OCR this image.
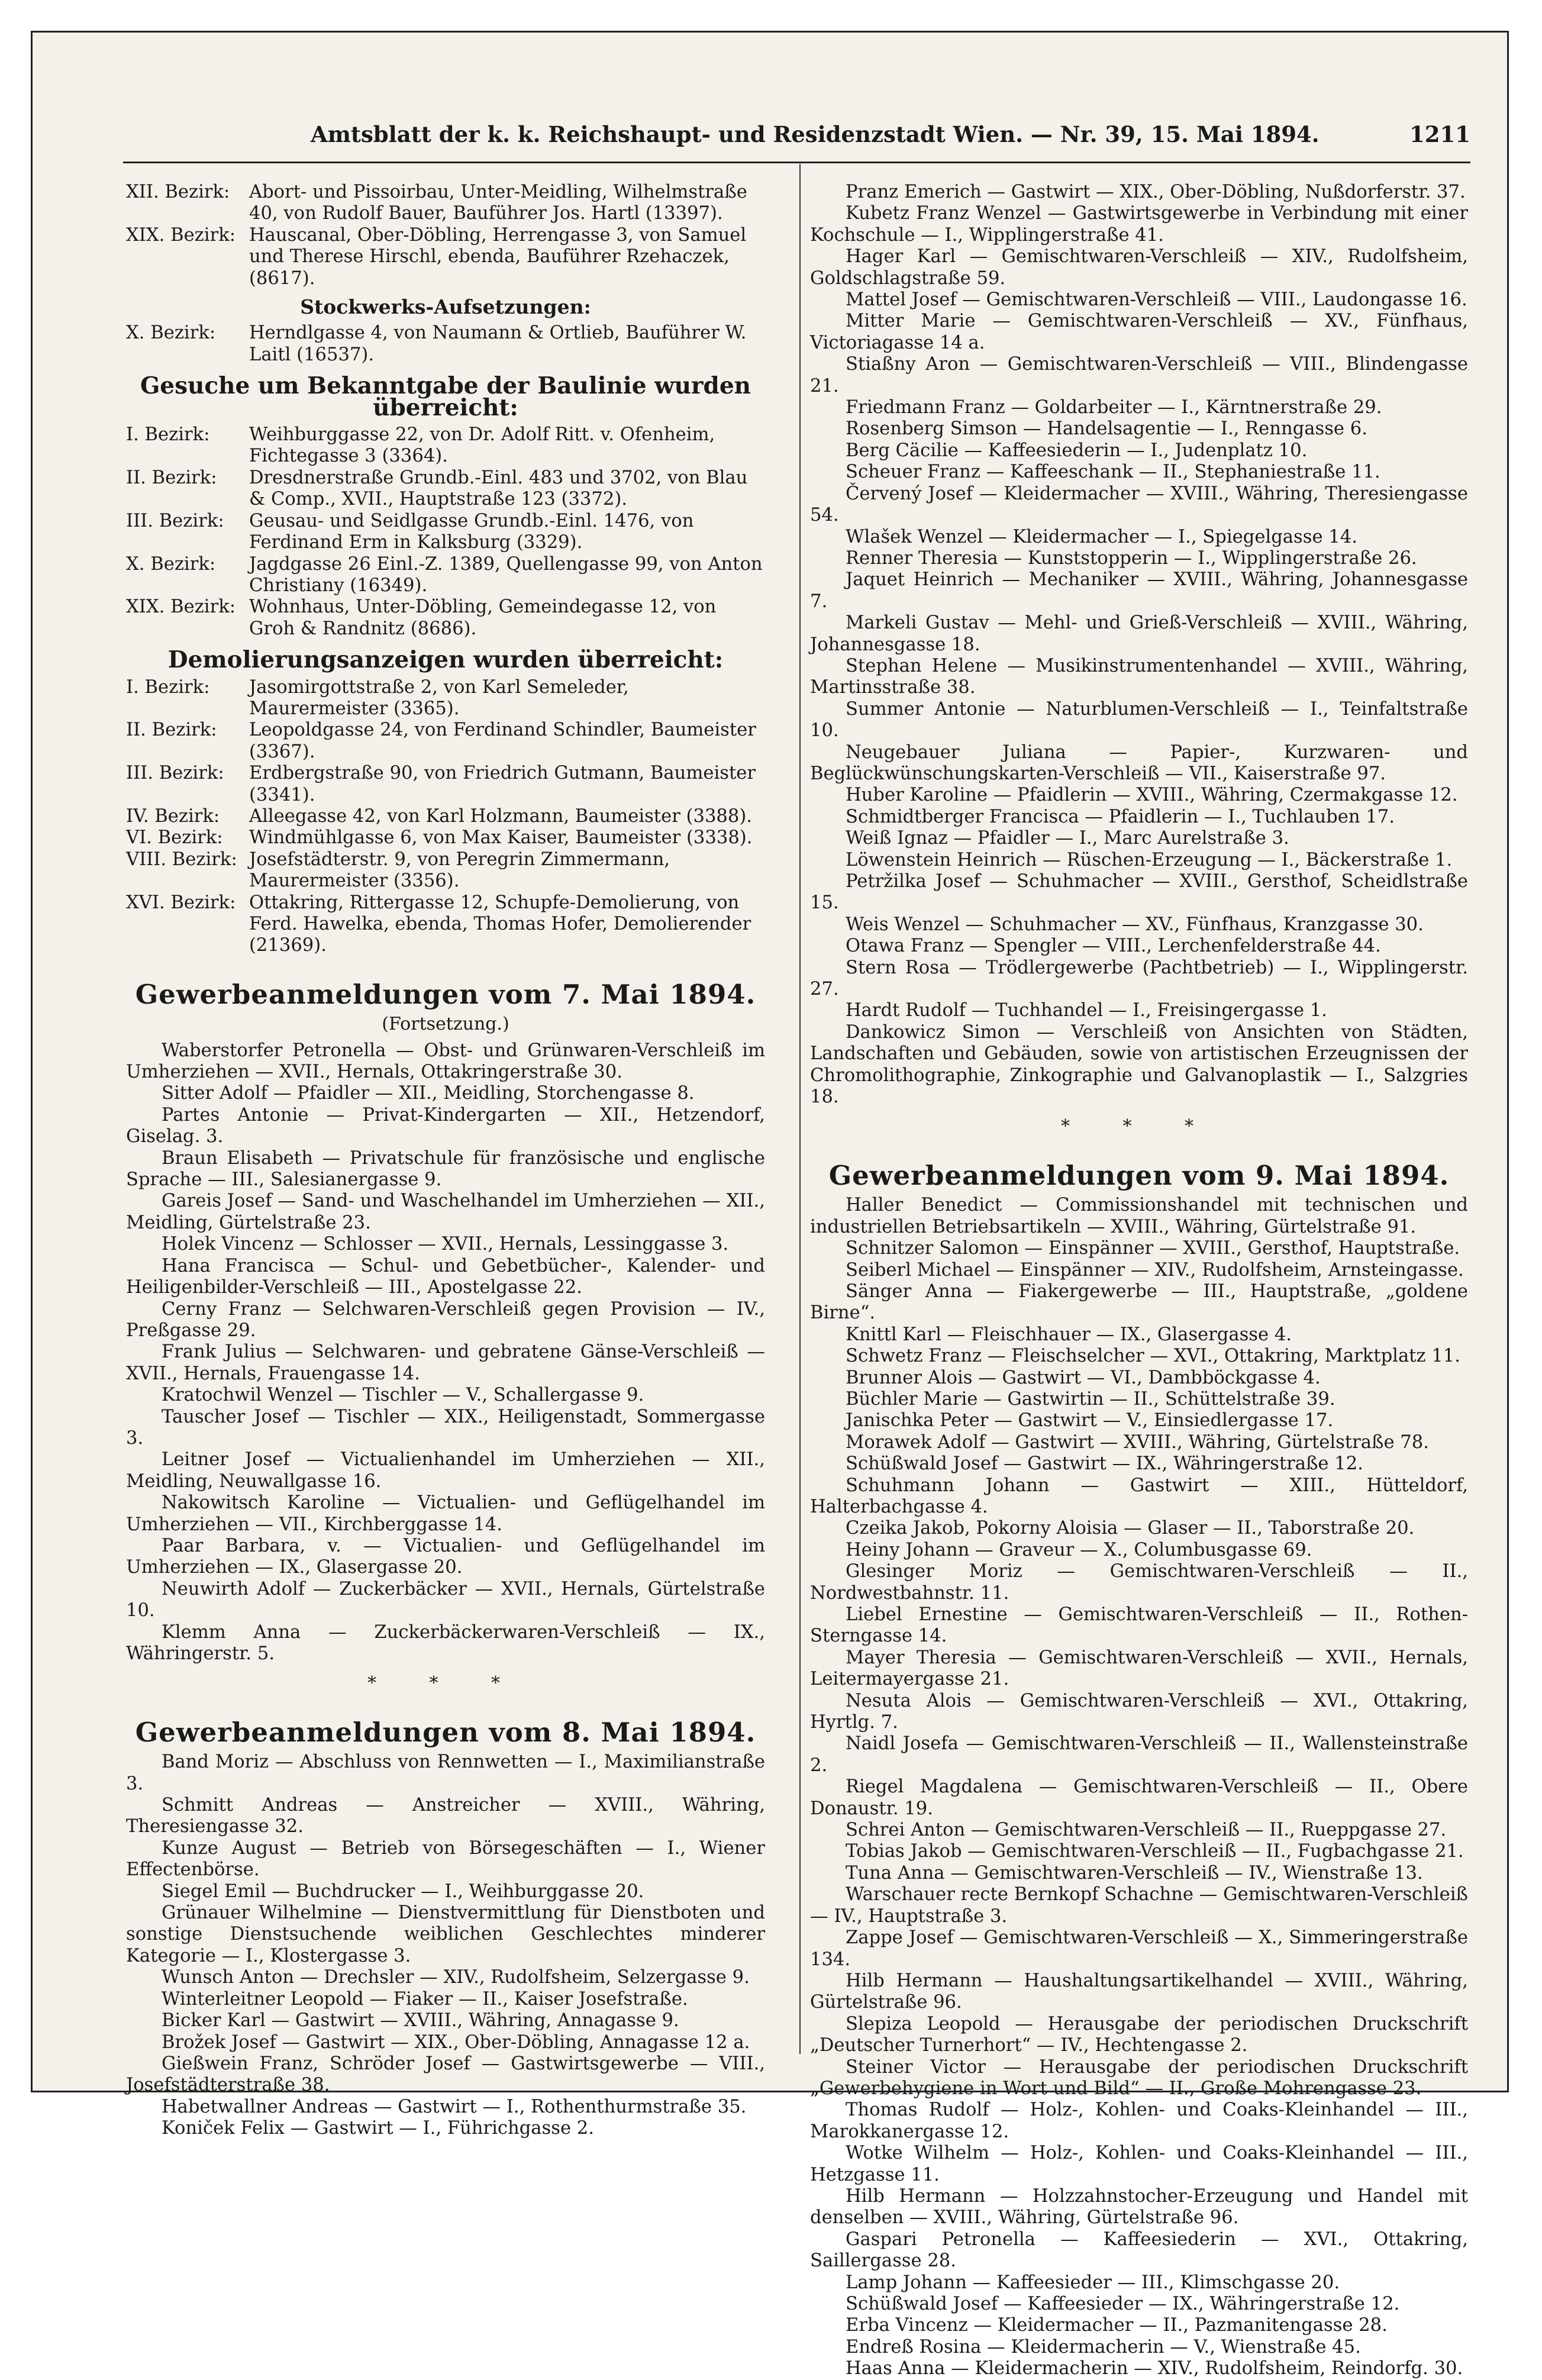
Amtsblatt der k. k. Reichshaupt- und Residenzstadt Wien. — Nr. 39, 15. Mai 1894.	1211

XII. Bezirk: Abort- und Pissoirbau, Unter-Meidling, Wilhelmstraße 40, von Rudolf Bauer, Bauführer Jos. Hartl (13397).

XIX. Bezirk: Hauscanal, Ober-Döbling, Herrengasse 3, von Samuel und Therese Hirschl, ebenda, Bauführer Rzehaczek, (8617).

Stockwerks-Aufsetzungen:

X. Bezirk: Herndlgasse 4, von Naumann & Ortlieb, Bauführer W. Laitl (16537).

Gesuche um Bekanntgabe der Baulinie wurden überreicht:

I. Bezirk: Weihburggasse 22, von Dr. Adolf Ritt. v. Ofenheim, Fichtegasse 3 (3364).

II. Bezirk: Dresdnerstraße Grundb.-Einl. 483 und 3702, von Blau & Comp., XVII., Hauptstraße 123 (3372).

III. Bezirk: Geusau- und Seidlgasse Grundb.-Einl. 1476, von Ferdinand Erm in Kalksburg (3329).

X. Bezirk: Jagdgasse 26 Einl.-Z. 1389, Quellengasse 99, von Anton Christiany (16349).

XIX. Bezirk: Wohnhaus, Unter-Döbling, Gemeindegasse 12, von Groh & Randnitz (8686).

Demolierungsanzeigen wurden überreicht:

I. Bezirk: Jasomirgottstraße 2, von Karl Semeleder, Maurermeister (3365).

II. Bezirk: Leopoldgasse 24, von Ferdinand Schindler, Baumeister (3367).

III. Bezirk: Erdbergstraße 90, von Friedrich Gutmann, Baumeister (3341).

IV. Bezirk: Alleegasse 42, von Karl Holzmann, Baumeister (3388).

VI. Bezirk: Windmühlgasse 6, von Max Kaiser, Baumeister (3338).

VIII. Bezirk: Josefstädterstr. 9, von Peregrin Zimmermann, Maurermeister (3356).

XVI. Bezirk: Ottakring, Rittergasse 12, Schupfe-Demolierung, von Ferd. Hawelka, ebenda, Thomas Hofer, Demolierender (21369).

Gewerbeanmeldungen vom 7. Mai 1894.

(Fortsetzung.)

Waberstorfer Petronella — Obst- und Grünwaren-Verschleiß im Umherziehen — XVII., Hernals, Ottakringerstraße 30.

Sitter Adolf — Pfaidler — XII., Meidling, Storchengasse 8.

Partes Antonie — Privat-Kindergarten — XII., Hetzendorf, Giselag. 3.

Braun Elisabeth — Privatschule für französische und englische Sprache — III., Salesianergasse 9.

Gareis Josef — Sand- und Waschelhandel im Umherziehen — XII., Meidling, Gürtelstraße 23.

Holek Vincenz — Schlosser — XVII., Hernals, Lessinggasse 3.

Hana Francisca — Schul- und Gebetbücher-, Kalender- und Heiligenbilder-Verschleiß — III., Apostelgasse 22.

Cerny Franz — Selchwaren-Verschleiß gegen Provision — IV., Preßgasse 29.

Frank Julius — Selchwaren- und gebratene Gänse-Verschleiß — XVII., Hernals, Frauengasse 14.

Kratochwil Wenzel — Tischler — V., Schallergasse 9.

Tauscher Josef — Tischler — XIX., Heiligenstadt, Sommergasse 3.

Leitner Josef — Victualienhandel im Umherziehen — XII., Meidling, Neuwallgasse 16.

Nakowitsch Karoline — Victualien- und Geflügelhandel im Umherziehen — VII., Kirchberggasse 14.

Paar Barbara, v. — Victualien- und Geflügelhandel im Umherziehen — IX., Glasergasse 20.

Neuwirth Adolf — Zuckerbäcker — XVII., Hernals, Gürtelstraße 10.

Klemm Anna — Zuckerbäckerwaren-Verschleiß — IX., Währingerstr. 5.

* * *

Gewerbeanmeldungen vom 8. Mai 1894.

Band Moriz — Abschluss von Rennwetten — I., Maximilianstraße 3.

Schmitt Andreas — Anstreicher — XVIII., Währing, Theresiengasse 32.

Kunze August — Betrieb von Börsegeschäften — I., Wiener Effectenbörse.

Siegel Emil — Buchdrucker — I., Weihburggasse 20.

Grünauer Wilhelmine — Dienstvermittlung für Dienstboten und sonstige Dienstsuchende weiblichen Geschlechtes minderer Kategorie — I., Klostergasse 3.

Wunsch Anton — Drechsler — XIV., Rudolfsheim, Selzergasse 9.

Winterleitner Leopold — Fiaker — II., Kaiser Josefstraße.

Bicker Karl — Gastwirt — XVIII., Währing, Annagasse 9.

Brožek Josef — Gastwirt — XIX., Ober-Döbling, Annagasse 12 a.

Gießwein Franz, Schröder Josef — Gastwirtsgewerbe — VIII., Josefstädterstraße 38.

Habetwallner Andreas — Gastwirt — I., Rothenthurmstraße 35.

Koniček Felix — Gastwirt — I., Führichgasse 2.

Pranz Emerich — Gastwirt — XIX., Ober-Döbling, Nußdorferstr. 37.

Kubetz Franz Wenzel — Gastwirtsgewerbe in Verbindung mit einer Kochschule — I., Wipplingerstraße 41.

Hager Karl — Gemischtwaren-Verschleiß — XIV., Rudolfsheim, Goldschlagstraße 59.

Mattel Josef — Gemischtwaren-Verschleiß — VIII., Laudongasse 16.

Mitter Marie — Gemischtwaren-Verschleiß — XV., Fünfhaus, Victoriagasse 14 a.

Stiaßny Aron — Gemischtwaren-Verschleiß — VIII., Blindengasse 21.

Friedmann Franz — Goldarbeiter — I., Kärntnerstraße 29.

Rosenberg Simson — Handelsagentie — I., Renngasse 6.

Berg Cäcilie — Kaffeesiederin — I., Judenplatz 10.

Scheuer Franz — Kaffeeschank — II., Stephaniestraße 11.

Červený Josef — Kleidermacher — XVIII., Währing, Theresiengasse 54.

Wlašek Wenzel — Kleidermacher — I., Spiegelgasse 14.

Renner Theresia — Kunststopperin — I., Wipplingerstraße 26.

Jaquet Heinrich — Mechaniker — XVIII., Währing, Johannesgasse 7.

Markeli Gustav — Mehl- und Grieß-Verschleiß — XVIII., Währing, Johannesgasse 18.

Stephan Helene — Musikinstrumentenhandel — XVIII., Währing, Martinsstraße 38.

Summer Antonie — Naturblumen-Verschleiß — I., Teinfaltstraße 10.

Neugebauer Juliana — Papier-, Kurzwaren- und Beglückwünschungskarten-Verschleiß — VII., Kaiserstraße 97.

Huber Karoline — Pfaidlerin — XVIII., Währing, Czermakgasse 12.

Schmidtberger Francisca — Pfaidlerin — I., Tuchlauben 17.

Weiß Ignaz — Pfaidler — I., Marc Aurelstraße 3.

Löwenstein Heinrich — Rüschen-Erzeugung — I., Bäckerstraße 1.

Petržilka Josef — Schuhmacher — XVIII., Gersthof, Scheidlstraße 15.

Weis Wenzel — Schuhmacher — XV., Fünfhaus, Kranzgasse 30.

Otawa Franz — Spengler — VIII., Lerchenfelderstraße 44.

Stern Rosa — Trödlergewerbe (Pachtbetrieb) — I., Wipplingerstr. 27.

Hardt Rudolf — Tuchhandel — I., Freisingergasse 1.

Dankowicz Simon — Verschleiß von Ansichten von Städten, Landschaften und Gebäuden, sowie von artistischen Erzeugnissen der Chromolithographie, Zinkographie und Galvanoplastik — I., Salzgries 18.

* * *

Gewerbeanmeldungen vom 9. Mai 1894.

Haller Benedict — Commissionshandel mit technischen und industriellen Betriebsartikeln — XVIII., Währing, Gürtelstraße 91.

Schnitzer Salomon — Einspänner — XVIII., Gersthof, Hauptstraße.

Seiberl Michael — Einspänner — XIV., Rudolfsheim, Arnsteingasse.

Sänger Anna — Fiakergewerbe — III., Hauptstraße, „goldene Birne“.

Knittl Karl — Fleischhauer — IX., Glasergasse 4.

Schwetz Franz — Fleischselcher — XVI., Ottakring, Marktplatz 11.

Brunner Alois — Gastwirt — VI., Dambböckgasse 4.

Büchler Marie — Gastwirtin — II., Schüttelstraße 39.

Janischka Peter — Gastwirt — V., Einsiedlergasse 17.

Morawek Adolf — Gastwirt — XVIII., Währing, Gürtelstraße 78.

Schüßwald Josef — Gastwirt — IX., Währingerstraße 12.

Schuhmann Johann — Gastwirt — XIII., Hütteldorf, Halterbachgasse 4.

Czeika Jakob, Pokorny Aloisia — Glaser — II., Taborstraße 20.

Heiny Johann — Graveur — X., Columbusgasse 69.

Glesinger Moriz — Gemischtwaren-Verschleiß — II., Nordwestbahnstr. 11.

Liebel Ernestine — Gemischtwaren-Verschleiß — II., Rothen-Sterngasse 14.

Mayer Theresia — Gemischtwaren-Verschleiß — XVII., Hernals, Leitermayergasse 21.

Nesuta Alois — Gemischtwaren-Verschleiß — XVI., Ottakring, Hyrtlg. 7.

Naidl Josefa — Gemischtwaren-Verschleiß — II., Wallensteinstraße 2.

Riegel Magdalena — Gemischtwaren-Verschleiß — II., Obere Donaustr. 19.

Schrei Anton — Gemischtwaren-Verschleiß — II., Rueppgasse 27.

Tobias Jakob — Gemischtwaren-Verschleiß — II., Fugbachgasse 21.

Tuna Anna — Gemischtwaren-Verschleiß — IV., Wienstraße 13.

Warschauer recte Bernkopf Schachne — Gemischtwaren-Verschleiß — IV., Hauptstraße 3.

Zappe Josef — Gemischtwaren-Verschleiß — X., Simmeringerstraße 134.

Hilb Hermann — Haushaltungsartikelhandel — XVIII., Währing, Gürtelstraße 96.

Slepiza Leopold — Herausgabe der periodischen Druckschrift „Deutscher Turnerhort“ — IV., Hechtengasse 2.

Steiner Victor — Herausgabe der periodischen Druckschrift „Gewerbehygiene in Wort und Bild“ — II., Große Mohrengasse 23.

Thomas Rudolf — Holz-, Kohlen- und Coaks-Kleinhandel — III., Marokkanergasse 12.

Wotke Wilhelm — Holz-, Kohlen- und Coaks-Kleinhandel — III., Hetzgasse 11.

Hilb Hermann — Holzzahnstocher-Erzeugung und Handel mit denselben — XVIII., Währing, Gürtelstraße 96.

Gaspari Petronella — Kaffeesiederin — XVI., Ottakring, Saillergasse 28.

Lamp Johann — Kaffeesieder — III., Klimschgasse 20.

Schüßwald Josef — Kaffeesieder — IX., Währingerstraße 12.

Erba Vincenz — Kleidermacher — II., Pazmanitengasse 28.

Endreß Rosina — Kleidermacherin — V., Wienstraße 45.

Haas Anna — Kleidermacherin — XIV., Rudolfsheim, Reindorfg. 30.
